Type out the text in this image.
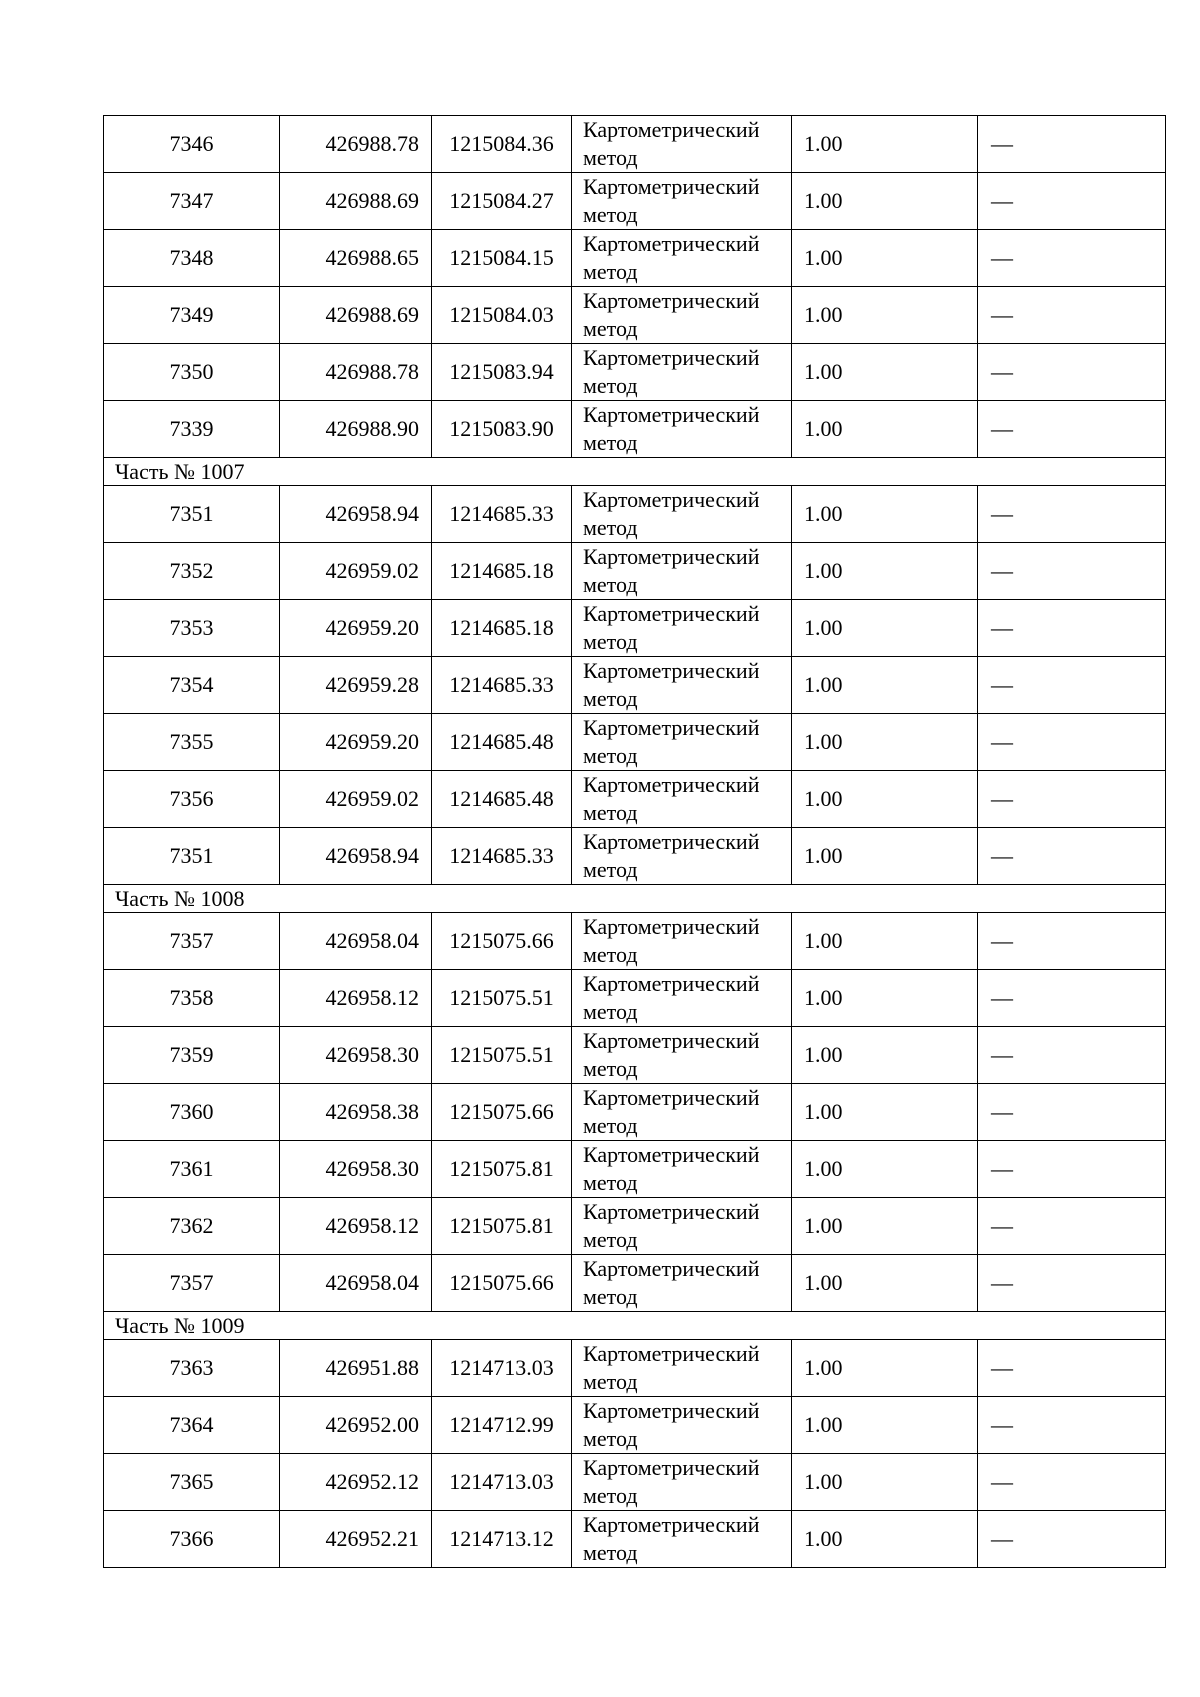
7346	426988.78	1215084.36	Картометрический метод	1.00	—
7347	426988.69	1215084.27	Картометрический метод	1.00	—
7348	426988.65	1215084.15	Картометрический метод	1.00	—
7349	426988.69	1215084.03	Картометрический метод	1.00	—
7350	426988.78	1215083.94	Картометрический метод	1.00	—
7339	426988.90	1215083.90	Картометрический метод	1.00	—
Часть № 1007					
7351	426958.94	1214685.33	Картометрический метод	1.00	—
7352	426959.02	1214685.18	Картометрический метод	1.00	—
7353	426959.20	1214685.18	Картометрический метод	1.00	—
7354	426959.28	1214685.33	Картометрический метод	1.00	—
7355	426959.20	1214685.48	Картометрический метод	1.00	—
7356	426959.02	1214685.48	Картометрический метод	1.00	—
7351	426958.94	1214685.33	Картометрический метод	1.00	—
Часть № 1008					
7357	426958.04	1215075.66	Картометрический метод	1.00	—
7358	426958.12	1215075.51	Картометрический метод	1.00	—
7359	426958.30	1215075.51	Картометрический метод	1.00	—
7360	426958.38	1215075.66	Картометрический метод	1.00	—
7361	426958.30	1215075.81	Картометрический метод	1.00	—
7362	426958.12	1215075.81	Картометрический метод	1.00	—
7357	426958.04	1215075.66	Картометрический метод	1.00	—
Часть № 1009					
7363	426951.88	1214713.03	Картометрический метод	1.00	—
7364	426952.00	1214712.99	Картометрический метод	1.00	—
7365	426952.12	1214713.03	Картометрический метод	1.00	—
7366	426952.21	1214713.12	Картометрический метод	1.00	—
